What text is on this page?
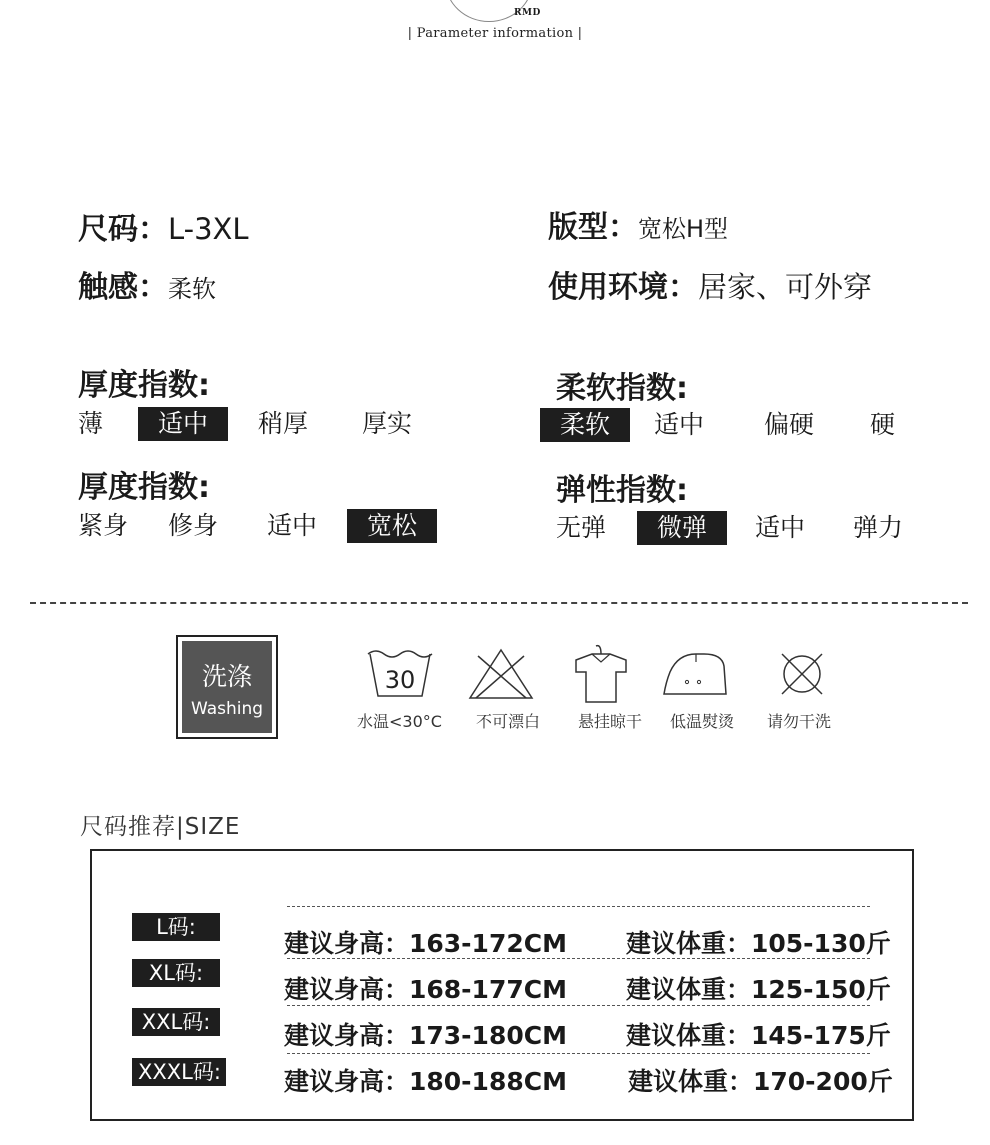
RMD
| Parameter information |
尺码：L-3XL	版型：宽松H型
触感：柔软	使用环境：居家、可外穿
厚度指数:
薄	适中	稍厚 厚实
柔软指数:
柔软	适中 偏硬 硬
厚度指数:
紧身 修身 适中	宽松
弹性指数:
无弹	微弹	适中 弹力
洗涤
Washing
30
水温<30°C 不可漂白 悬挂晾干 低温熨烫 请勿干洗
尺码推荐|SIZE
L码:
建议身高：163-172CM 建议体重：105-130斤
XL码:
建议身高：168-177CM 建议体重：125-150斤
XXL码:	建议身高：173-180CM 建议体重：145-175斤
XXXL码:	建议身高：180-188CM 建议体重：170-200斤
